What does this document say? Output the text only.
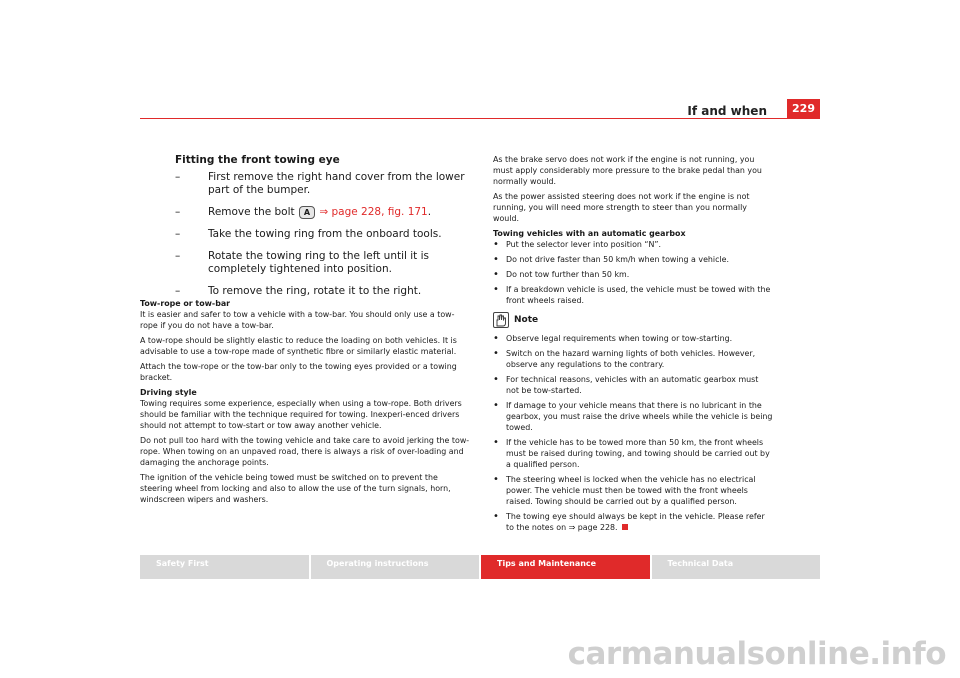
If and when	229
Fitting the front towing eye
–
First remove the right hand cover from the lower part of the bumper.
–
Remove the bolt A ⇒ page 228, fig. 171.
–
Take the towing ring from the onboard tools.
–
Rotate the towing ring to the left until it is completely tightened into position.
–
To remove the ring, rotate it to the right.

Tow-rope or tow-bar

It is easier and safer to tow a vehicle with a tow-bar. You should only use a tow-rope if you do not have a tow-bar.

A tow-rope should be slightly elastic to reduce the loading on both vehicles. It is advisable to use a tow-rope made of synthetic fibre or similarly elastic material.

Attach the tow-rope or the tow-bar only to the towing eyes provided or a towing bracket.

Driving style

Towing requires some experience, especially when using a tow-rope. Both drivers should be familiar with the technique required for towing. Inexperi-enced drivers should not attempt to tow-start or tow away another vehicle.

Do not pull too hard with the towing vehicle and take care to avoid jerking the tow-rope. When towing on an unpaved road, there is always a risk of over-loading and damaging the anchorage points.

The ignition of the vehicle being towed must be switched on to prevent the steering wheel from locking and also to allow the use of the turn signals, horn, windscreen wipers and washers.

As the brake servo does not work if the engine is not running, you must apply considerably more pressure to the brake pedal than you normally would.

As the power assisted steering does not work if the engine is not running, you will need more strength to steer than you normally would.

Towing vehicles with an automatic gearbox

• Put the selector lever into position “N”.
• Do not drive faster than 50 km/h when towing a vehicle.
• Do not tow further than 50 km.
• If a breakdown vehicle is used, the vehicle must be towed with the front wheels raised.
Note
• Observe legal requirements when towing or tow-starting.
• Switch on the hazard warning lights of both vehicles. However, observe any regulations to the contrary.
• For technical reasons, vehicles with an automatic gearbox must not be tow-started.
• If damage to your vehicle means that there is no lubricant in the gearbox, you must raise the drive wheels while the vehicle is being towed.
• If the vehicle has to be towed more than 50 km, the front wheels must be raised during towing, and towing should be carried out by a qualified person.
• The steering wheel is locked when the vehicle has no electrical power. The vehicle must then be towed with the front wheels raised. Towing should be carried out by a qualified person.
• The towing eye should always be kept in the vehicle. Please refer to the notes on ⇒ page 228.
Safety First	Operating instructions	Tips and Maintenance	Technical Data
carmanualsonline.info
